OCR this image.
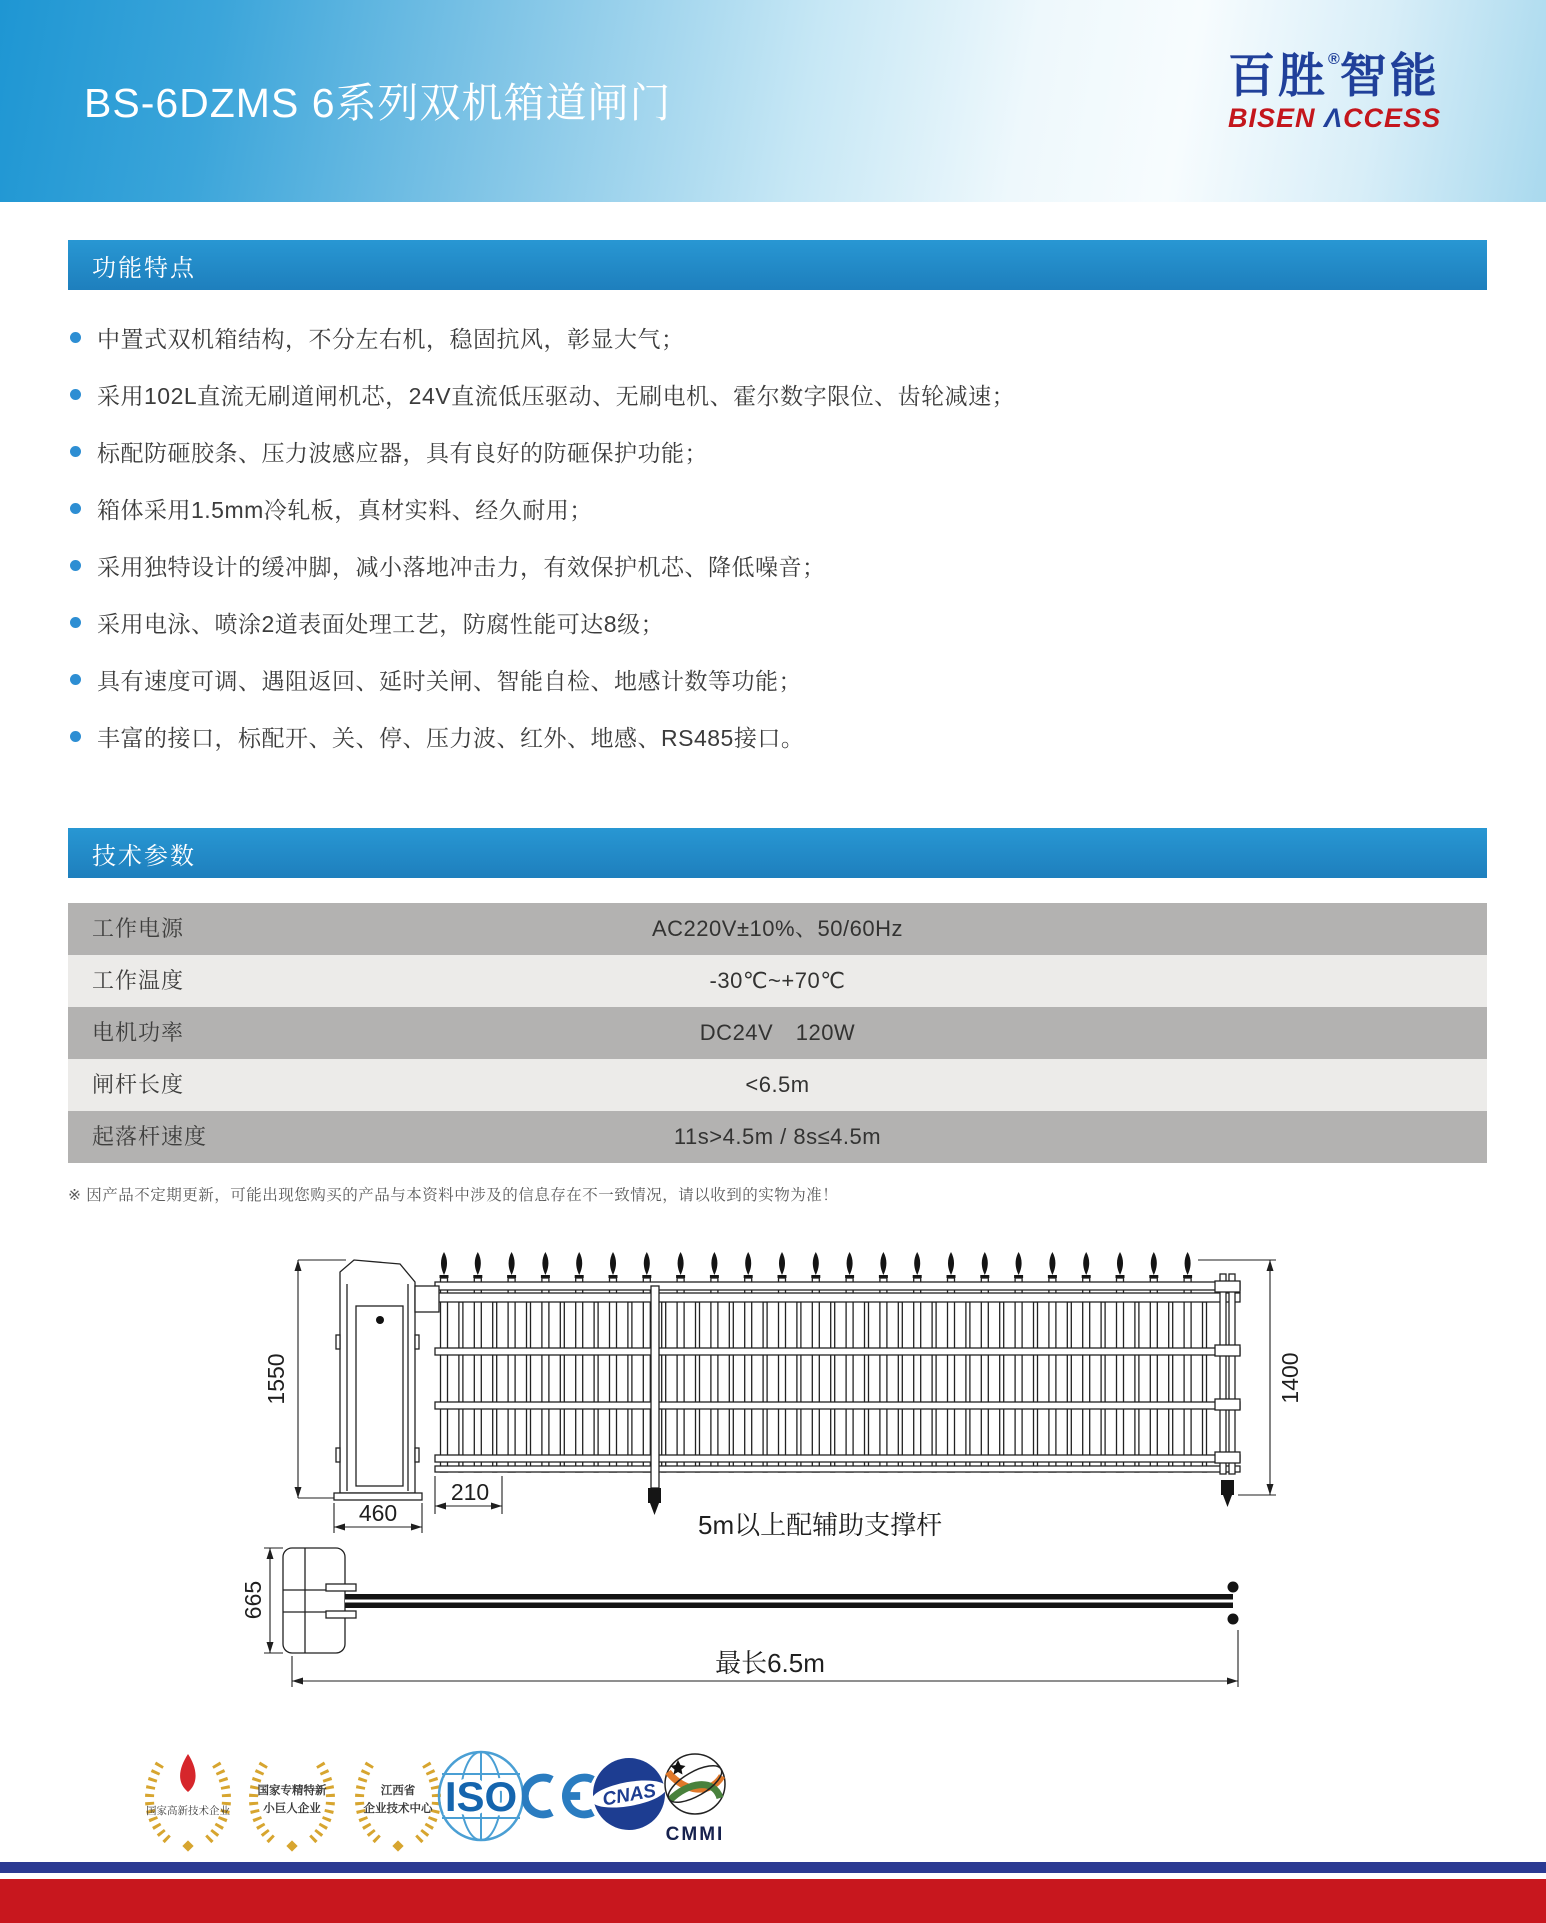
BS-6DZMS 6系列双机箱道闸门
百胜®智能
BISEN ΛCCESS
功能特点
中置式双机箱结构，不分左右机，稳固抗风，彰显大气；
采用102L直流无刷道闸机芯，24V直流低压驱动、无刷电机、霍尔数字限位、齿轮减速；
标配防砸胶条、压力波感应器，具有良好的防砸保护功能；
箱体采用1.5mm冷轧板，真材实料、经久耐用；
采用独特设计的缓冲脚，减小落地冲击力，有效保护机芯、降低噪音；
采用电泳、喷涂2道表面处理工艺，防腐性能可达8级；
具有速度可调、遇阻返回、延时关闸、智能自检、地感计数等功能；
丰富的接口，标配开、关、停、压力波、红外、地感、RS485接口。
技术参数
AC220V±10%、50/60Hz
工作电源
-30℃~+70℃
工作温度
DC24V　120W
电机功率
<6.5m
闸杆长度
11s>4.5m / 8s≤4.5m
起落杆速度
※ 因产品不定期更新，可能出现您购买的产品与本资料中涉及的信息存在不一致情况，请以收到的实物为准！
1550
460
210
5m以上配辅助支撑杆
1400
665
最长6.5m
国家高新技术企业
国家专精特新
小巨人企业
江西省
企业技术中心 ISO	CNAS
CMMI
